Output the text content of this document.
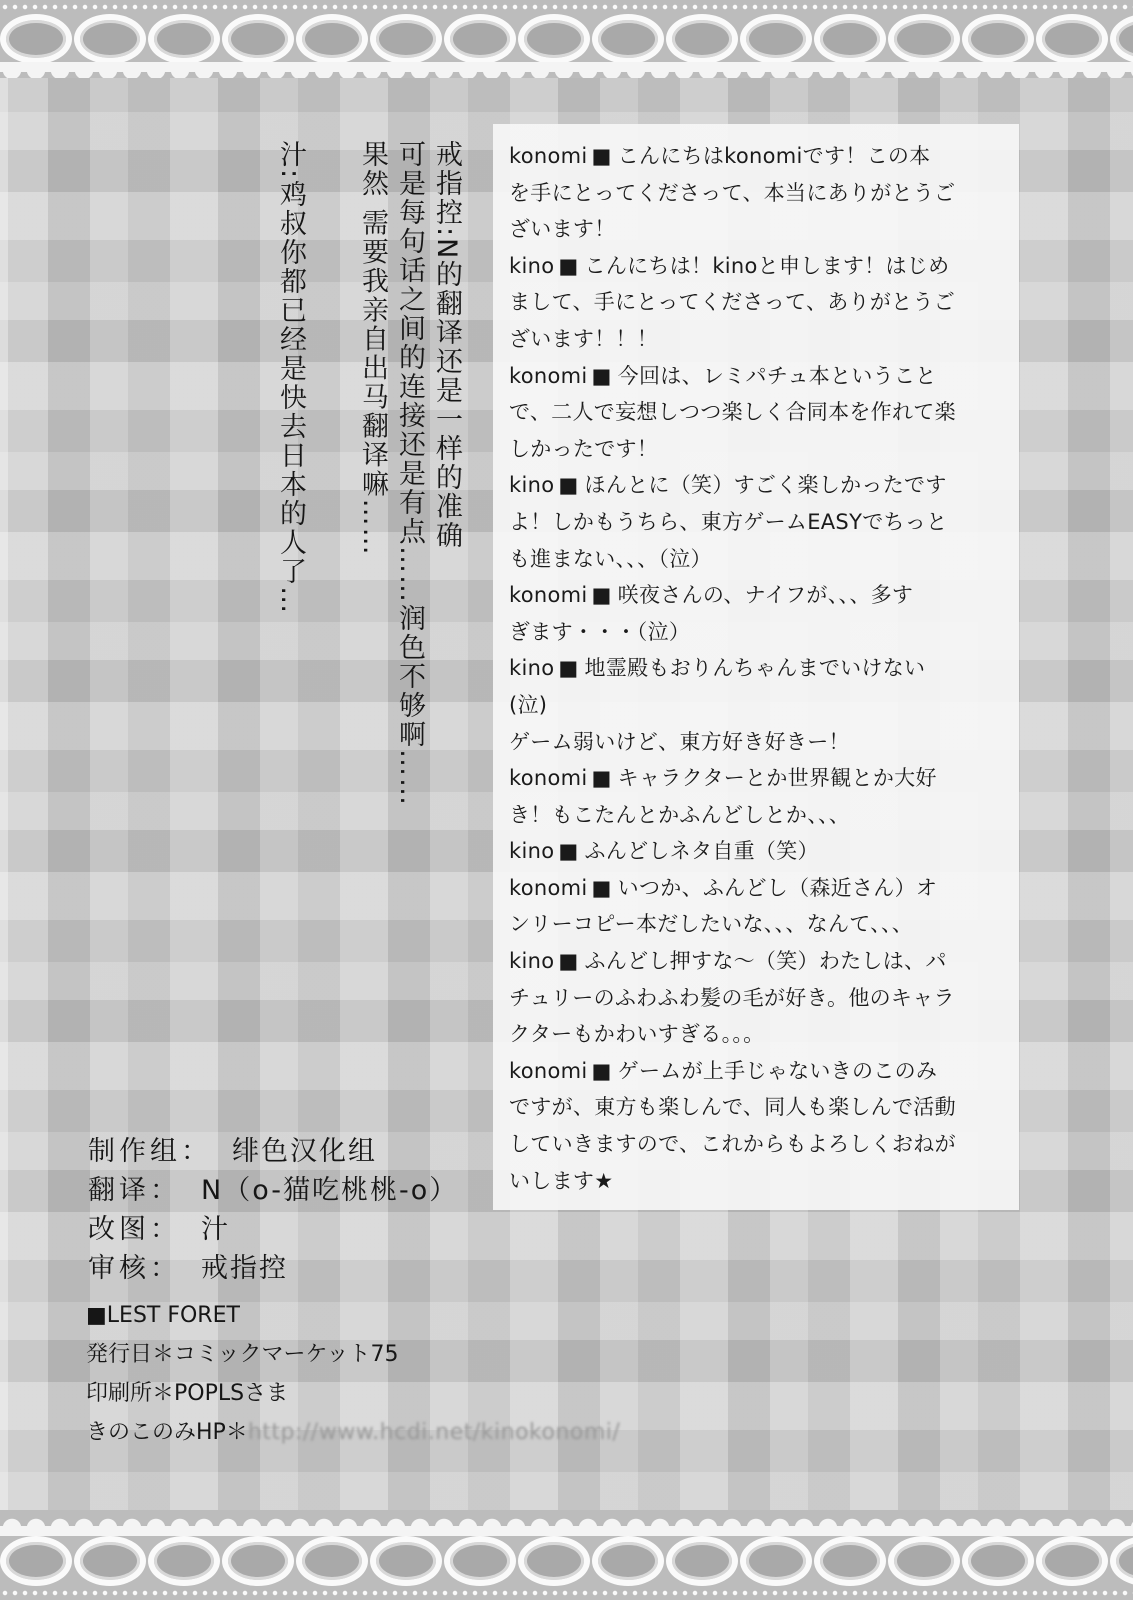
戒指控:N的翻译还是一样的准确
可是每句话之间的连接还是有点……润色不够啊……
果然 需要我亲自出马翻译嘛……
汁:鸡叔你都已经是快去日本的人了…	konomi ■ こんにちはkonomiです！この本
を手にとってくださって、本当にありがとうご
ざいます！
kino ■ こんにちは！kinoと申します！はじめ
まして、手にとってくださって、ありがとうご
ざいます！！！
konomi ■ 今回は、レミパチュ本ということ
で、二人で妄想しつつ楽しく合同本を作れて楽
しかったです！
kino ■ ほんとに（笑）すごく楽しかったです
よ！しかもうちら、東方ゲームEASYでちっと
も進まない、、、（泣）
konomi ■ 咲夜さんの、ナイフが、、、多す
ぎます・・・（泣）
kino ■ 地霊殿もおりんちゃんまでいけない
(泣)
ゲーム弱いけど、東方好き好きー！
konomi ■ キャラクターとか世界観とか大好
き！もこたんとかふんどしとか、、、
kino ■ ふんどしネタ自重（笑）
konomi ■ いつか、ふんどし（森近さん）オ
ンリーコピー本だしたいな、、、なんて、、、
kino ■ ふんどし押すな～（笑）わたしは、パ
チュリーのふわふわ髪の毛が好き。他のキャラ
クターもかわいすぎる。。。
konomi ■ ゲームが上手じゃないきのこのみ
ですが、東方も楽しんで、同人も楽しんで活動
していきますので、これからもよろしくおねが
いします★
制作组： 绯色汉化组
翻译： N（o-猫吃桃桃-o）
改图： 汁
审核： 戒指控
■LEST FORET
発行日＊コミックマーケット75
印刷所＊POPLSさま
きのこのみHP＊http://www.hcdi.net/kinokonomi/
